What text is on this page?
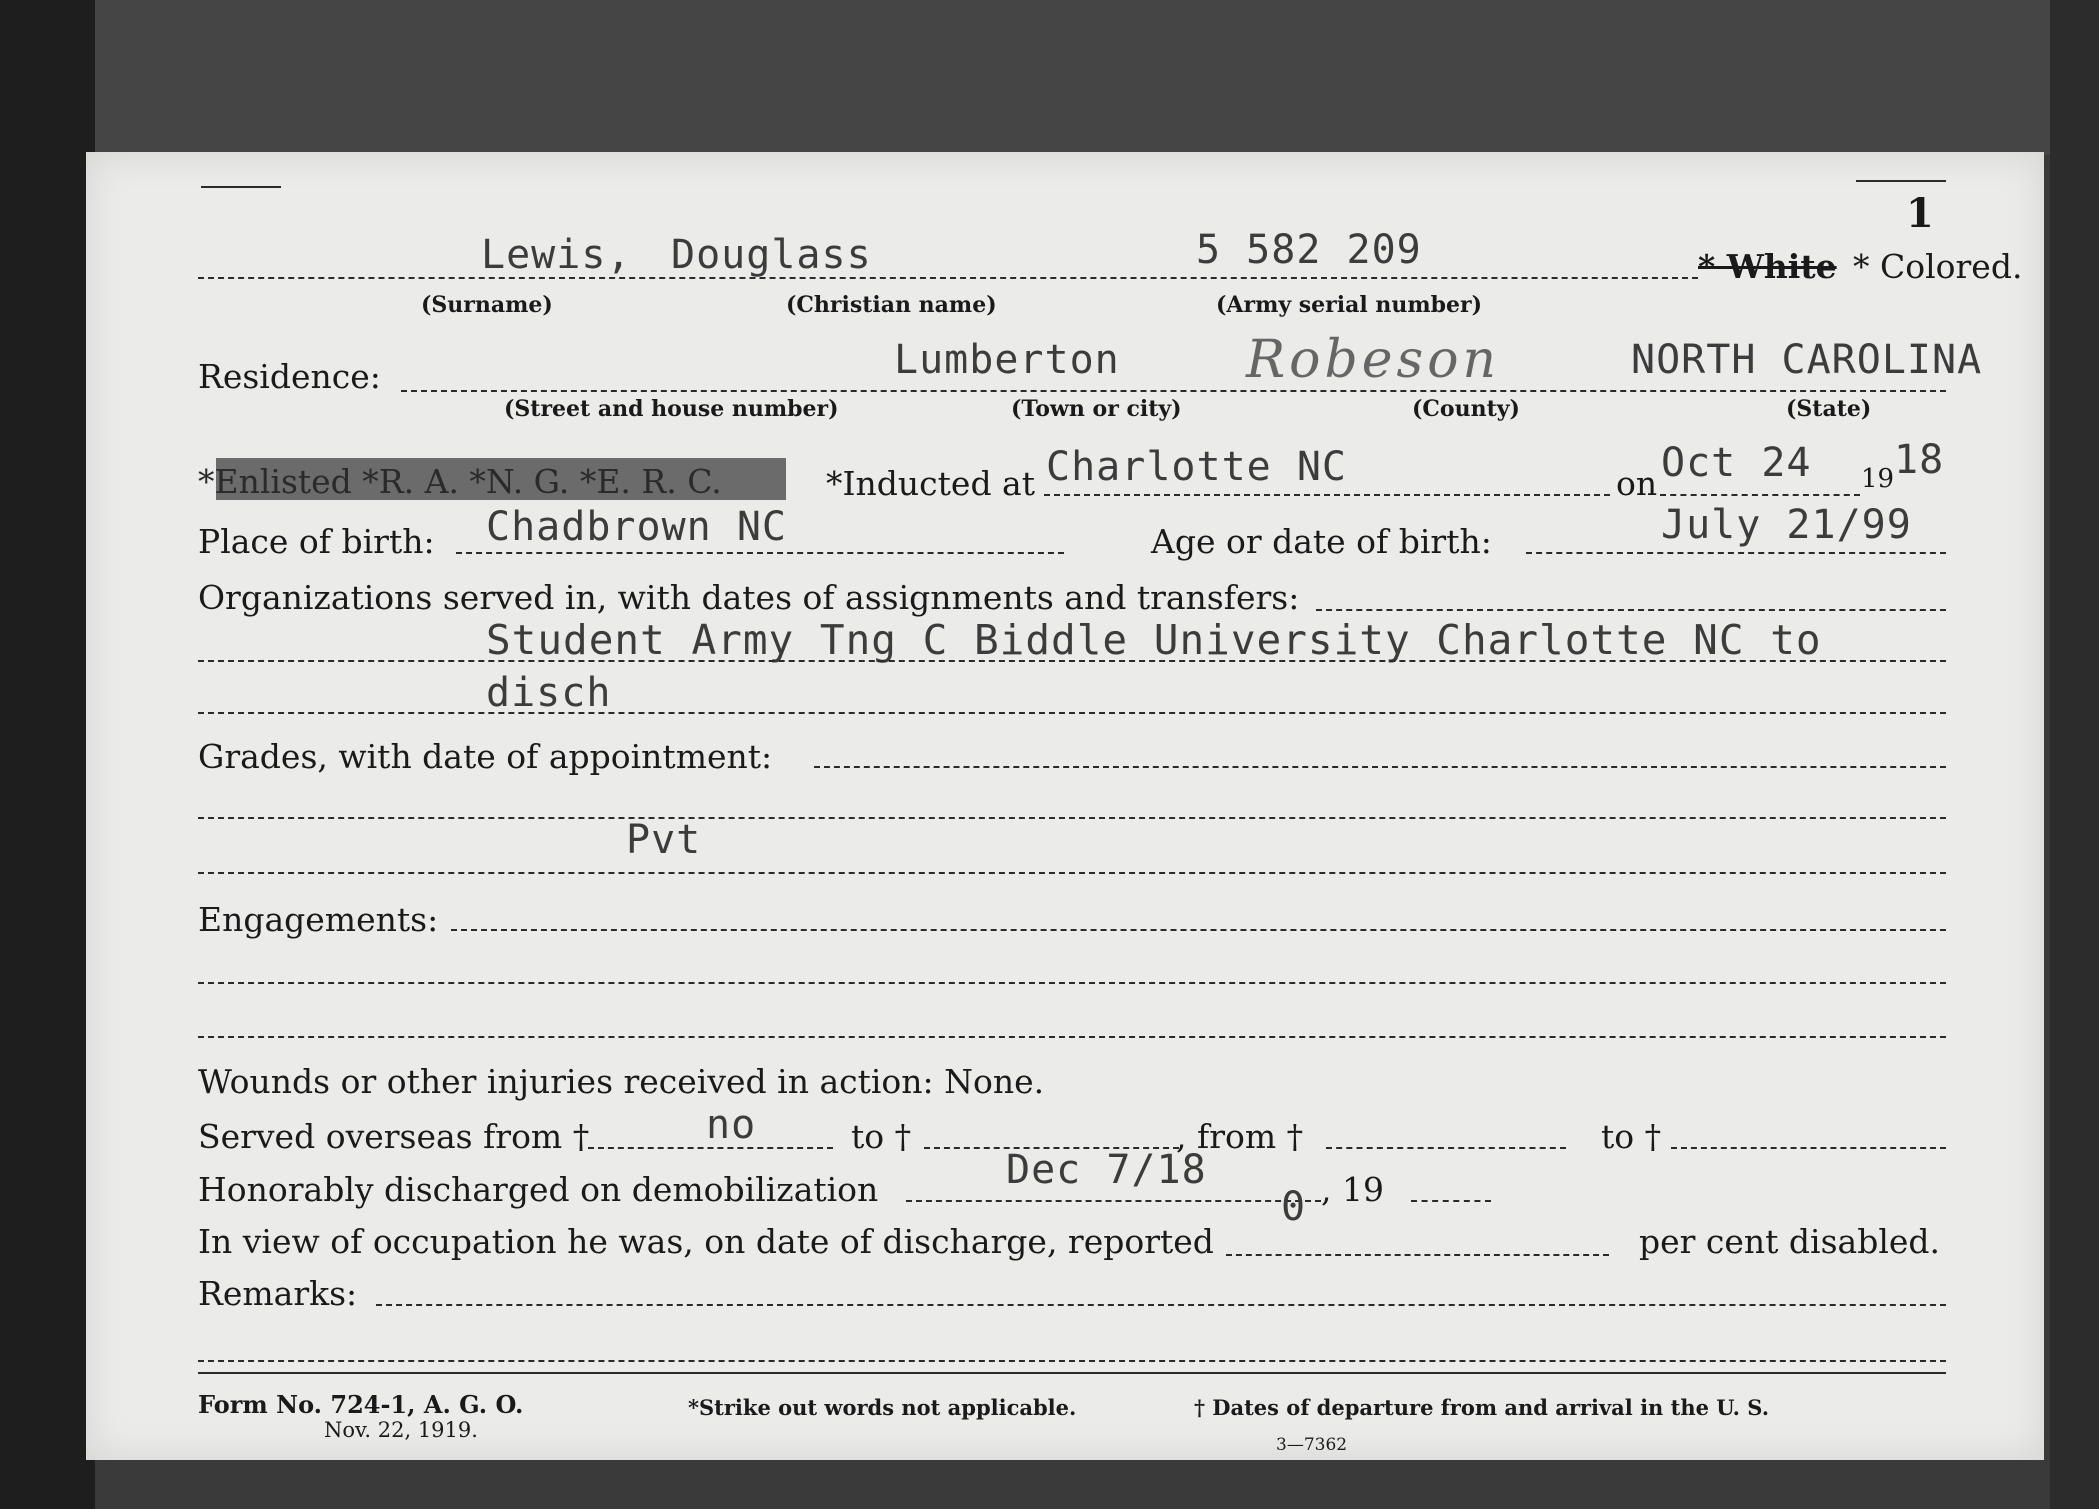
1
Lewis, Douglass	5 582 209	* White * Colored.
(Surname)	(Christian name)	(Army serial number)
Residence:	Lumberton Robeson	NORTH CAROLINA
(Street and house number)	(Town or city)	(County)	(State)
*Enlisted *R. A. *N. G. *E. R. C.	*Inducted at Charlotte NC	on Oct 24 19 18
Place of birth: Chadbrown NC	Age or date of birth:	July 21/99
Organizations served in, with dates of assignments and transfers:
Student Army Tng C Biddle University Charlotte NC to
disch
Grades, with date of appointment:
Pvt
Engagements:
Wounds or other injuries received in action: None.
Served overseas from †	no	to †	, from †	to †
Honorably discharged on demobilization	Dec 7/18	, 19
In view of occupation he was, on date of discharge, reported
0
per cent disabled.
Remarks:
Form No. 724-1, A. G. O.
Nov. 22, 1919.
*Strike out words not applicable.	† Dates of departure from and arrival in the U. S.
3—7362
